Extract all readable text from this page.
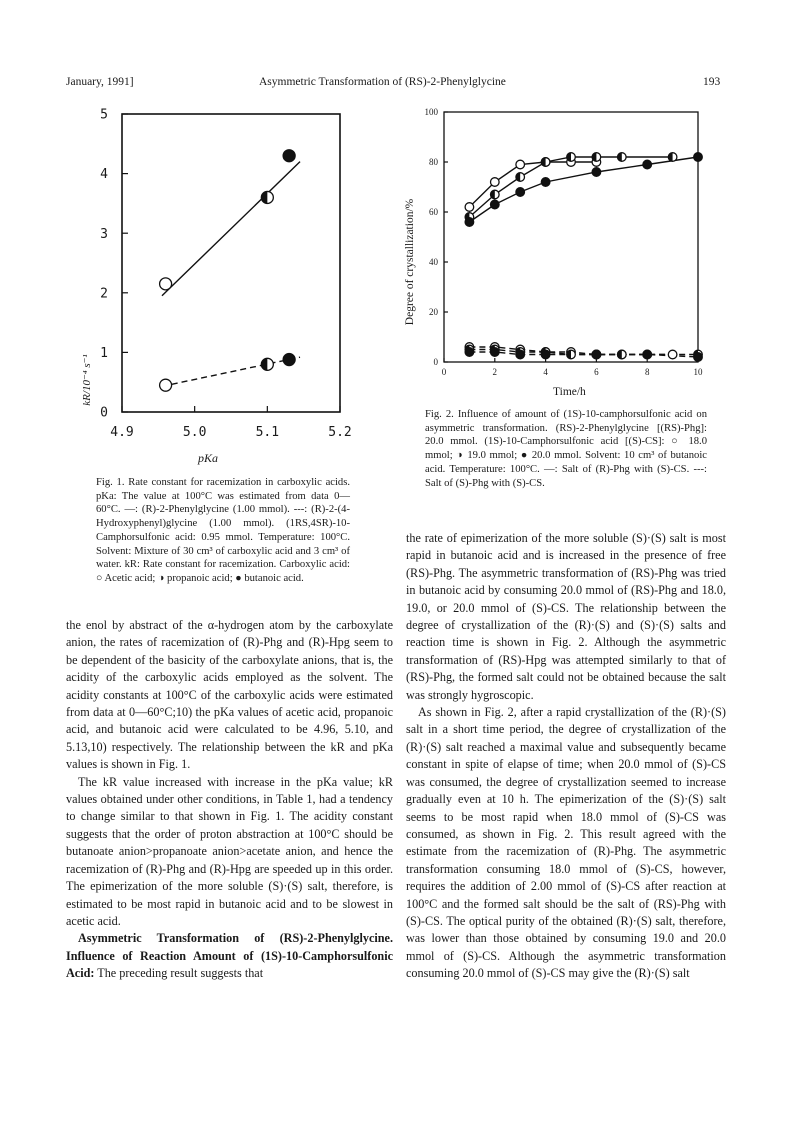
January, 1991]	Asymmetric Transformation of (RS)-2-Phenylglycine	193
4.9	5.0	5.1	5.2
0
1
2
3
4
5
pKa
kR/10⁻⁴ s⁻¹	0	2	4	6	8	10
0
20
40
60
80
100
Time/h
Degree of crystallization/%
Fig. 1. Rate constant for racemization in carboxylic acids. pKa: The value at 100°C was estimated from data 0—60°C. —: (R)-2-Phenylglycine (1.00 mmol). ---: (R)-2-(4-Hydroxyphenyl)glycine (1.00 mmol). (1RS,4SR)-10-Camphorsulfonic acid: 0.95 mmol. Temperature: 100°C. Solvent: Mixture of 30 cm³ of carboxylic acid and 3 cm³ of water. kR: Rate constant for racemization. Carboxylic acid: ○ Acetic acid; ◑ propanoic acid; ● butanoic acid.
Fig. 2. Influence of amount of (1S)-10-camphorsulfonic acid on asymmetric transformation. (RS)-2-Phenylglycine [(RS)-Phg]: 20.0 mmol. (1S)-10-Camphorsulfonic acid [(S)-CS]: ○ 18.0 mmol; ◑ 19.0 mmol; ● 20.0 mmol. Solvent: 10 cm³ of butanoic acid. Temperature: 100°C. —: Salt of (R)-Phg with (S)-CS. ---: Salt of (S)-Phg with (S)-CS.
the enol by abstract of the α-hydrogen atom by the carboxylate anion, the rates of racemization of (R)-Phg and (R)-Hpg seem to be dependent of the basicity of the carboxylate anions, that is, the acidity of the carboxylic acids employed as the solvent. The acidity constants at 100°C of the carboxylic acids were estimated from data at 0—60°C;10) the pKa values of acetic acid, propanoic acid, and butanoic acid were calculated to be 4.96, 5.10, and 5.13,10) respectively. The relationship between the kR and pKa values is shown in Fig. 1.
The kR value increased with increase in the pKa value; kR values obtained under other conditions, in Table 1, had a tendency to change similar to that shown in Fig. 1. The acidity constant suggests that the order of proton abstraction at 100°C should be butanoate anion>propanoate anion>acetate anion, and hence the racemization of (R)-Phg and (R)-Hpg are speeded up in this order. The epimerization of the more soluble (S)·(S) salt, therefore, is estimated to be most rapid in butanoic acid and to be slowest in acetic acid.
Asymmetric Transformation of (RS)-2-Phenylglycine. Influence of Reaction Amount of (1S)-10-Camphorsulfonic Acid: The preceding result suggests that
the rate of epimerization of the more soluble (S)·(S) salt is most rapid in butanoic acid and is increased in the presence of free (RS)-Phg. The asymmetric transformation of (RS)-Phg was tried in butanoic acid by consuming 20.0 mmol of (RS)-Phg and 18.0, 19.0, or 20.0 mmol of (S)-CS. The relationship between the degree of crystallization of the (R)·(S) and (S)·(S) salts and reaction time is shown in Fig. 2. Although the asymmetric transformation of (RS)-Hpg was attempted similarly to that of (RS)-Phg, the formed salt could not be obtained because the salt was strongly hygroscopic.
As shown in Fig. 2, after a rapid crystallization of the (R)·(S) salt in a short time period, the degree of crystallization of the (R)·(S) salt reached a maximal value and subsequently became constant in spite of elapse of time; when 20.0 mmol of (S)-CS was consumed, the degree of crystallization seemed to increase gradually even at 10 h. The epimerization of the (S)·(S) salt seems to be most rapid when 18.0 mmol of (S)-CS was consumed, as shown in Fig. 2. This result agreed with the estimate from the racemization of (R)-Phg. The asymmetric transformation consuming 18.0 mmol of (S)-CS, however, requires the addition of 2.00 mmol of (S)-CS after reaction at 100°C and the formed salt should be the salt of (RS)-Phg with (S)-CS. The optical purity of the obtained (R)·(S) salt, therefore, was lower than those obtained by consuming 19.0 and 20.0 mmol of (S)-CS. Although the asymmetric transformation consuming 20.0 mmol of (S)-CS may give the (R)·(S) salt
